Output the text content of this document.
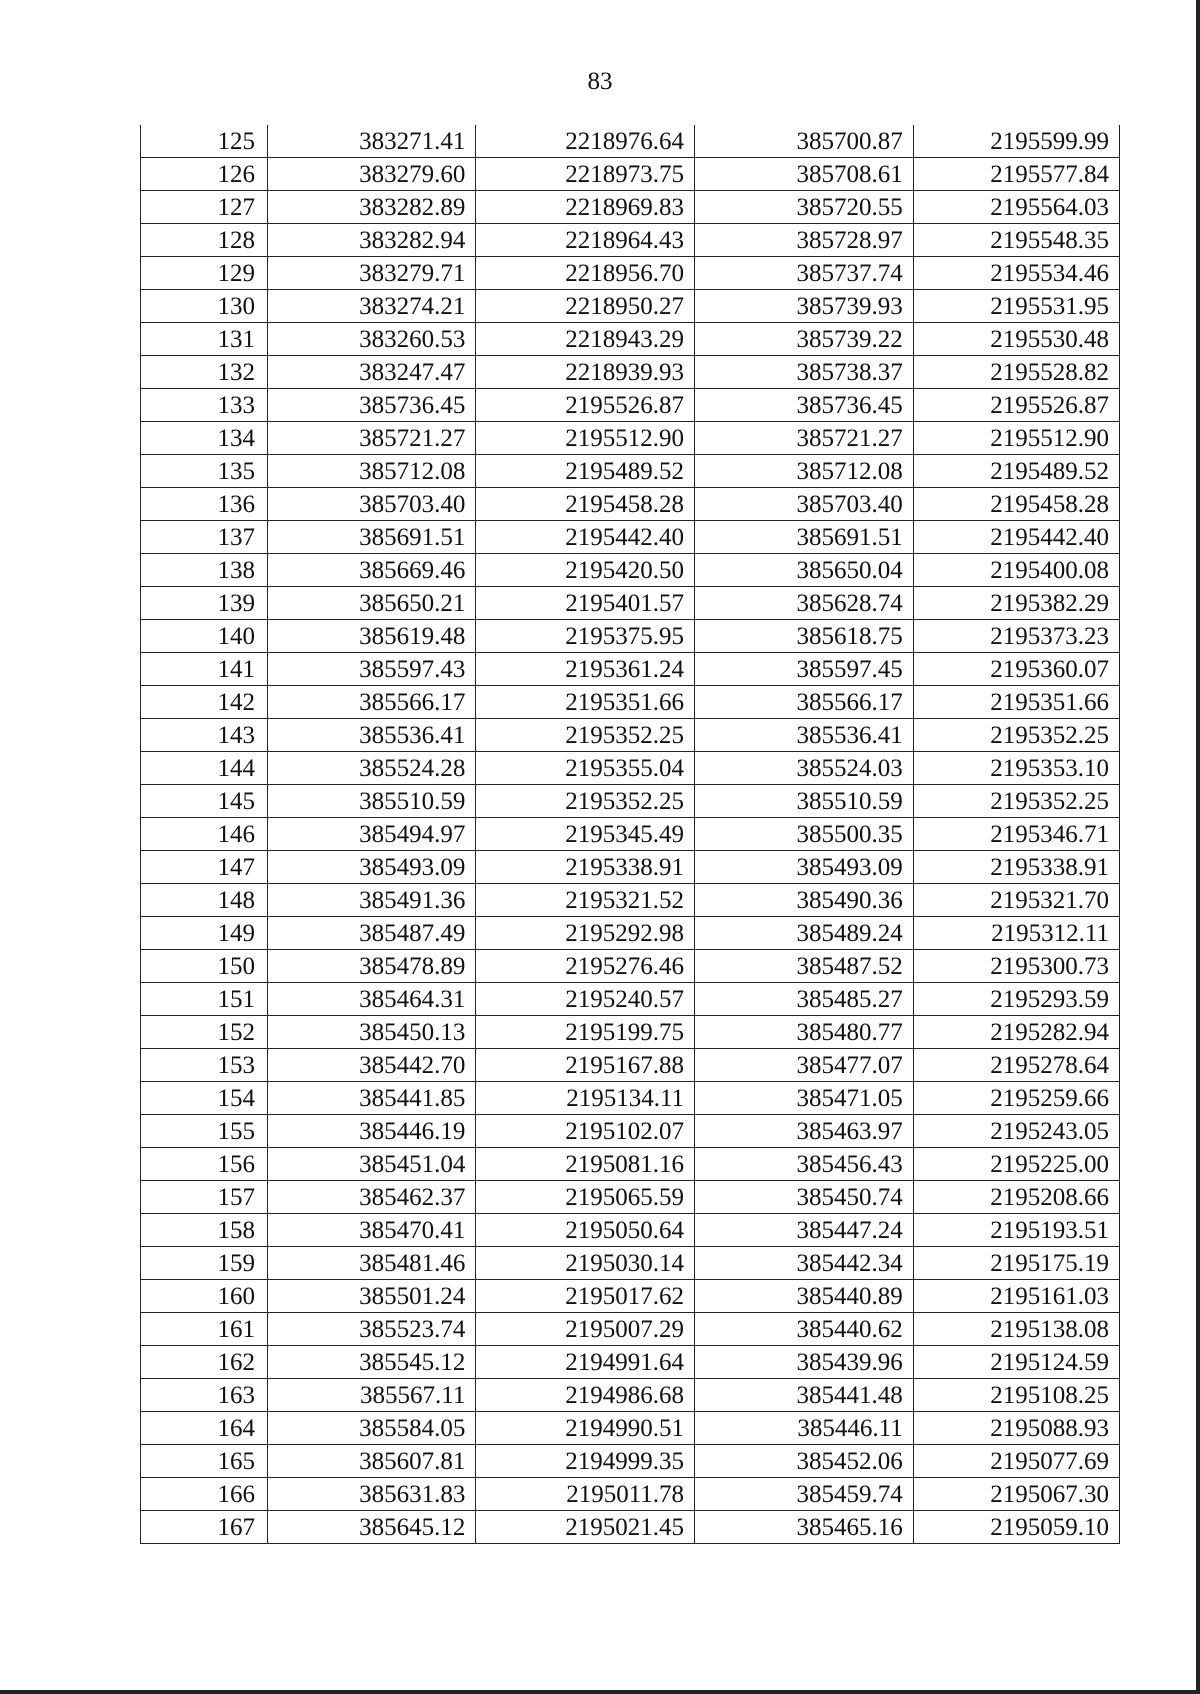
83
125	383271.41	2218976.64	385700.87	2195599.99
126	383279.60	2218973.75	385708.61	2195577.84
127	383282.89	2218969.83	385720.55	2195564.03
128	383282.94	2218964.43	385728.97	2195548.35
129	383279.71	2218956.70	385737.74	2195534.46
130	383274.21	2218950.27	385739.93	2195531.95
131	383260.53	2218943.29	385739.22	2195530.48
132	383247.47	2218939.93	385738.37	2195528.82
133	385736.45	2195526.87	385736.45	2195526.87
134	385721.27	2195512.90	385721.27	2195512.90
135	385712.08	2195489.52	385712.08	2195489.52
136	385703.40	2195458.28	385703.40	2195458.28
137	385691.51	2195442.40	385691.51	2195442.40
138	385669.46	2195420.50	385650.04	2195400.08
139	385650.21	2195401.57	385628.74	2195382.29
140	385619.48	2195375.95	385618.75	2195373.23
141	385597.43	2195361.24	385597.45	2195360.07
142	385566.17	2195351.66	385566.17	2195351.66
143	385536.41	2195352.25	385536.41	2195352.25
144	385524.28	2195355.04	385524.03	2195353.10
145	385510.59	2195352.25	385510.59	2195352.25
146	385494.97	2195345.49	385500.35	2195346.71
147	385493.09	2195338.91	385493.09	2195338.91
148	385491.36	2195321.52	385490.36	2195321.70
149	385487.49	2195292.98	385489.24	2195312.11
150	385478.89	2195276.46	385487.52	2195300.73
151	385464.31	2195240.57	385485.27	2195293.59
152	385450.13	2195199.75	385480.77	2195282.94
153	385442.70	2195167.88	385477.07	2195278.64
154	385441.85	2195134.11	385471.05	2195259.66
155	385446.19	2195102.07	385463.97	2195243.05
156	385451.04	2195081.16	385456.43	2195225.00
157	385462.37	2195065.59	385450.74	2195208.66
158	385470.41	2195050.64	385447.24	2195193.51
159	385481.46	2195030.14	385442.34	2195175.19
160	385501.24	2195017.62	385440.89	2195161.03
161	385523.74	2195007.29	385440.62	2195138.08
162	385545.12	2194991.64	385439.96	2195124.59
163	385567.11	2194986.68	385441.48	2195108.25
164	385584.05	2194990.51	385446.11	2195088.93
165	385607.81	2194999.35	385452.06	2195077.69
166	385631.83	2195011.78	385459.74	2195067.30
167	385645.12	2195021.45	385465.16	2195059.10
